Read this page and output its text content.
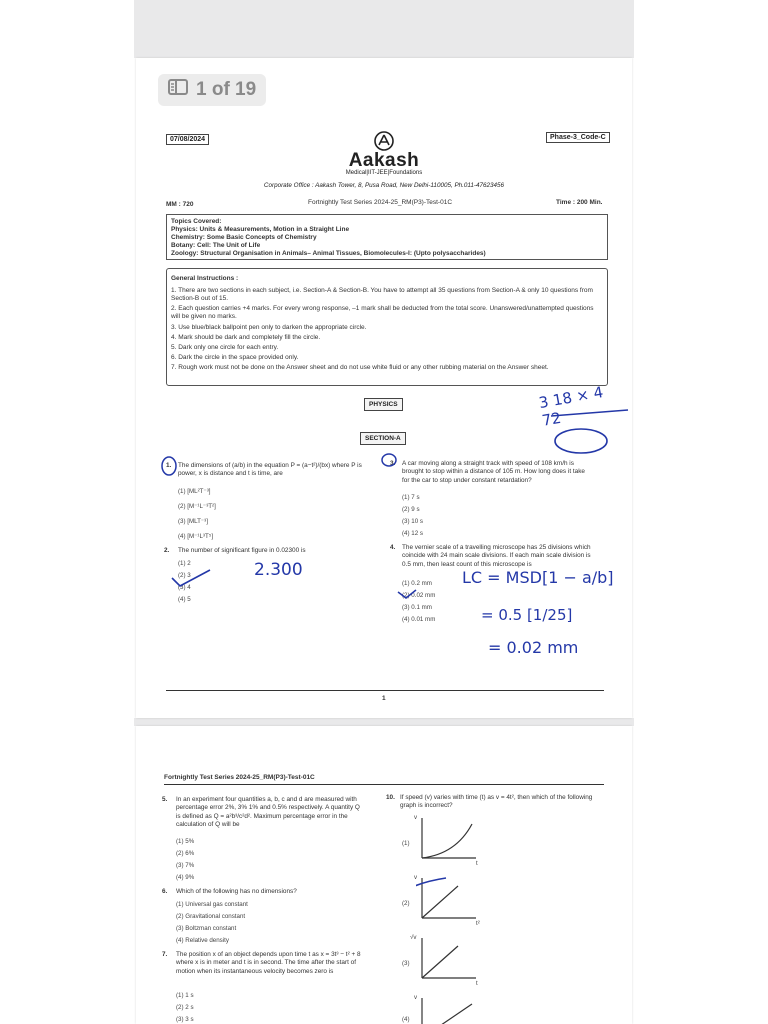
1 of 19
07/08/2024	Phase-3_Code-C
Aakash
Medical|IIT-JEE|Foundations
Corporate Office : Aakash Tower, 8, Pusa Road, New Delhi-110005, Ph.011-47623456
MM : 720	Fortnightly Test Series 2024-25_RM(P3)-Test-01C	Time : 200 Min.
Topics Covered:
Physics: Units & Measurements, Motion in a Straight Line
Chemistry: Some Basic Concepts of Chemistry
Botany: Cell: The Unit of Life
Zoology: Structural Organisation in Animals– Animal Tissues, Biomolecules-I: (Upto polysaccharides)
General Instructions :
1. There are two sections in each subject, i.e. Section-A & Section-B. You have to attempt all 35 questions from Section-A & only 10 questions from Section-B out of 15.
2. Each question carries +4 marks. For every wrong response, –1 mark shall be deducted from the total score. Unanswered/unattempted questions will be given no marks.
3. Use blue/black ballpoint pen only to darken the appropriate circle.
4. Mark should be dark and completely fill the circle.
5. Dark only one circle for each entry.
6. Dark the circle in the space provided only.
7. Rough work must not be done on the Answer sheet and do not use white fluid or any other rubbing material on the Answer sheet.
PHYSICS
SECTION-A
1. The dimensions of (a/b) in the equation P = (a−t²)/(bx) where P is power, x is distance and t is time, are
(1) [ML²T⁻³]
(2) [M⁻¹L⁻³T²]
(3) [MLT⁻³]
(4) [M⁻¹L³T⁵]
2. The number of significant figure in 0.02300 is
(1) 2
(2) 3
(3) 4
(4) 5
3. A car moving along a straight track with speed of 108 km/h is brought to stop within a distance of 105 m. How long does it take for the car to stop under constant retardation?
(1) 7 s
(2) 9 s
(3) 10 s
(4) 12 s
4. The vernier scale of a travelling microscope has 25 divisions which coincide with 24 main scale divisions. If each main scale division is 0.5 mm, then least count of this microscope is
(1) 0.2 mm
(2) 0.02 mm
(3) 0.1 mm
(4) 0.01 mm
2.300	LC = MSD[1 − a/b]
= 0.5 [1/25]
= 0.02 mm
3 18 × 4 72
1
Fortnightly Test Series 2024-25_RM(P3)-Test-01C
5. In an experiment four quantities a, b, c and d are measured with percentage error 2%, 3% 1% and 0.5% respectively. A quantity Q is defined as Q = a²b³/c²d². Maximum percentage error in the calculation of Q will be
(1) 5%
(2) 6%
(3) 7%
(4) 9%
6. Which of the following has no dimensions?
(1) Universal gas constant
(2) Gravitational constant
(3) Boltzman constant
(4) Relative density
7. The position x of an object depends upon time t as x = 3t³ − t² + 8 where x is in meter and t is in second. The time after the start of motion when its instantaneous velocity becomes zero is
(1) 1 s
(2) 2 s
(3) 3 s
10. If speed (v) varies with time (t) as v = 4t², then which of the following graph is incorrect?
(1)
(2)
(3)
(4)
v
t
v
t²
√v
t
v
